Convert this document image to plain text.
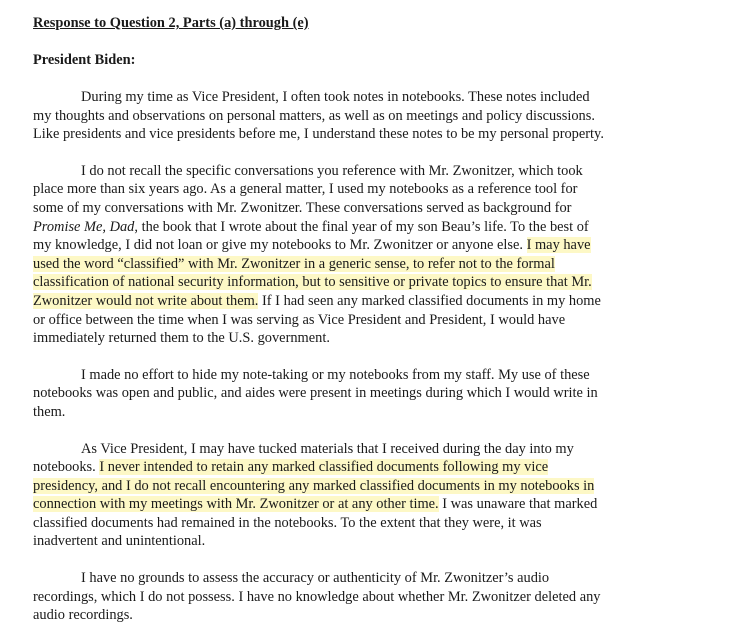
Response to Question 2, Parts (a) through (e)
President Biden:
During my time as Vice President, I often took notes in notebooks. These notes included
my thoughts and observations on personal matters, as well as on meetings and policy discussions.
Like presidents and vice presidents before me, I understand these notes to be my personal property.
I do not recall the specific conversations you reference with Mr. Zwonitzer, which took
place more than six years ago. As a general matter, I used my notebooks as a reference tool for
some of my conversations with Mr. Zwonitzer. These conversations served as background for
Promise Me, Dad, the book that I wrote about the final year of my son Beau’s life. To the best of
my knowledge, I did not loan or give my notebooks to Mr. Zwonitzer or anyone else. I may have
used the word “classified” with Mr. Zwonitzer in a generic sense, to refer not to the formal
classification of national security information, but to sensitive or private topics to ensure that Mr.
Zwonitzer would not write about them. If I had seen any marked classified documents in my home
or office between the time when I was serving as Vice President and President, I would have
immediately returned them to the U.S. government.
I made no effort to hide my note-taking or my notebooks from my staff. My use of these
notebooks was open and public, and aides were present in meetings during which I would write in
them.
As Vice President, I may have tucked materials that I received during the day into my
notebooks. I never intended to retain any marked classified documents following my vice
presidency, and I do not recall encountering any marked classified documents in my notebooks in
connection with my meetings with Mr. Zwonitzer or at any other time. I was unaware that marked
classified documents had remained in the notebooks. To the extent that they were, it was
inadvertent and unintentional.
I have no grounds to assess the accuracy or authenticity of Mr. Zwonitzer’s audio
recordings, which I do not possess. I have no knowledge about whether Mr. Zwonitzer deleted any
audio recordings.
